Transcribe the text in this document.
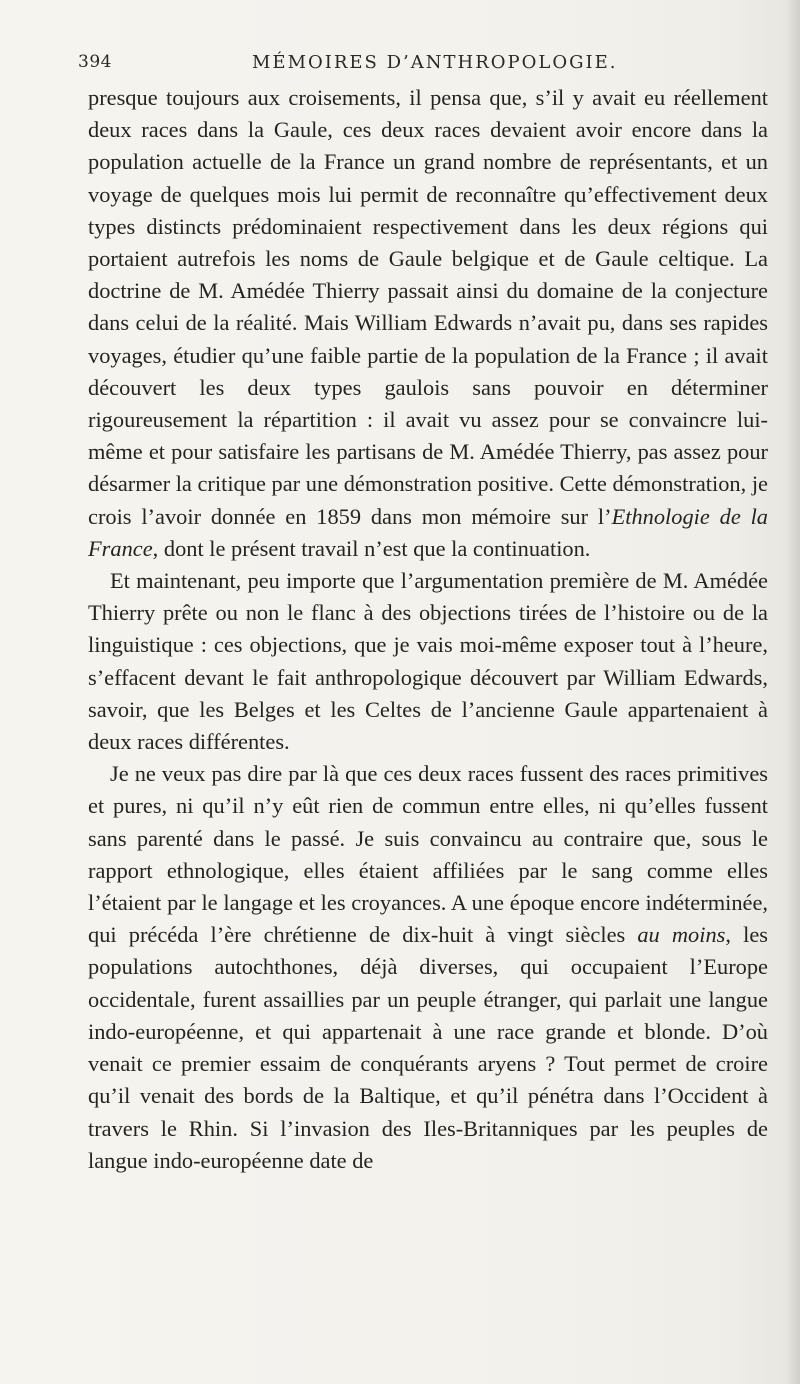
394	MÉMOIRES D’ANTHROPOLOGIE.

presque toujours aux croisements, il pensa que, s’il y avait eu réellement deux races dans la Gaule, ces deux races devaient avoir encore dans la population actuelle de la France un grand nombre de représentants, et un voyage de quelques mois lui permit de reconnaître qu’effectivement deux types distincts prédominaient respectivement dans les deux régions qui portaient autrefois les noms de Gaule belgique et de Gaule celtique. La doctrine de M. Amédée Thierry passait ainsi du domaine de la conjecture dans celui de la réalité. Mais William Edwards n’avait pu, dans ses rapides voyages, étudier qu’une faible partie de la population de la France ; il avait découvert les deux types gaulois sans pouvoir en déterminer rigoureusement la répartition : il avait vu assez pour se convaincre lui-même et pour satisfaire les partisans de M. Amédée Thierry, pas assez pour désarmer la critique par une démonstration positive. Cette démonstration, je crois l’avoir donnée en 1859 dans mon mémoire sur l’Ethnologie de la France, dont le présent travail n’est que la continuation.

Et maintenant, peu importe que l’argumentation première de M. Amédée Thierry prête ou non le flanc à des objections tirées de l’histoire ou de la linguistique : ces objections, que je vais moi-même exposer tout à l’heure, s’effacent devant le fait anthropologique découvert par William Edwards, savoir, que les Belges et les Celtes de l’ancienne Gaule appartenaient à deux races différentes.

Je ne veux pas dire par là que ces deux races fussent des races primitives et pures, ni qu’il n’y eût rien de commun entre elles, ni qu’elles fussent sans parenté dans le passé. Je suis convaincu au contraire que, sous le rapport ethnologique, elles étaient affiliées par le sang comme elles l’étaient par le langage et les croyances. A une époque encore indéterminée, qui précéda l’ère chrétienne de dix-huit à vingt siècles au moins, les populations autochthones, déjà diverses, qui occupaient l’Europe occidentale, furent assaillies par un peuple étranger, qui parlait une langue indo-européenne, et qui appartenait à une race grande et blonde. D’où venait ce premier essaim de conquérants aryens ? Tout permet de croire qu’il venait des bords de la Baltique, et qu’il pénétra dans l’Occident à travers le Rhin. Si l’invasion des Iles-Britanniques par les peuples de langue indo-européenne date de
